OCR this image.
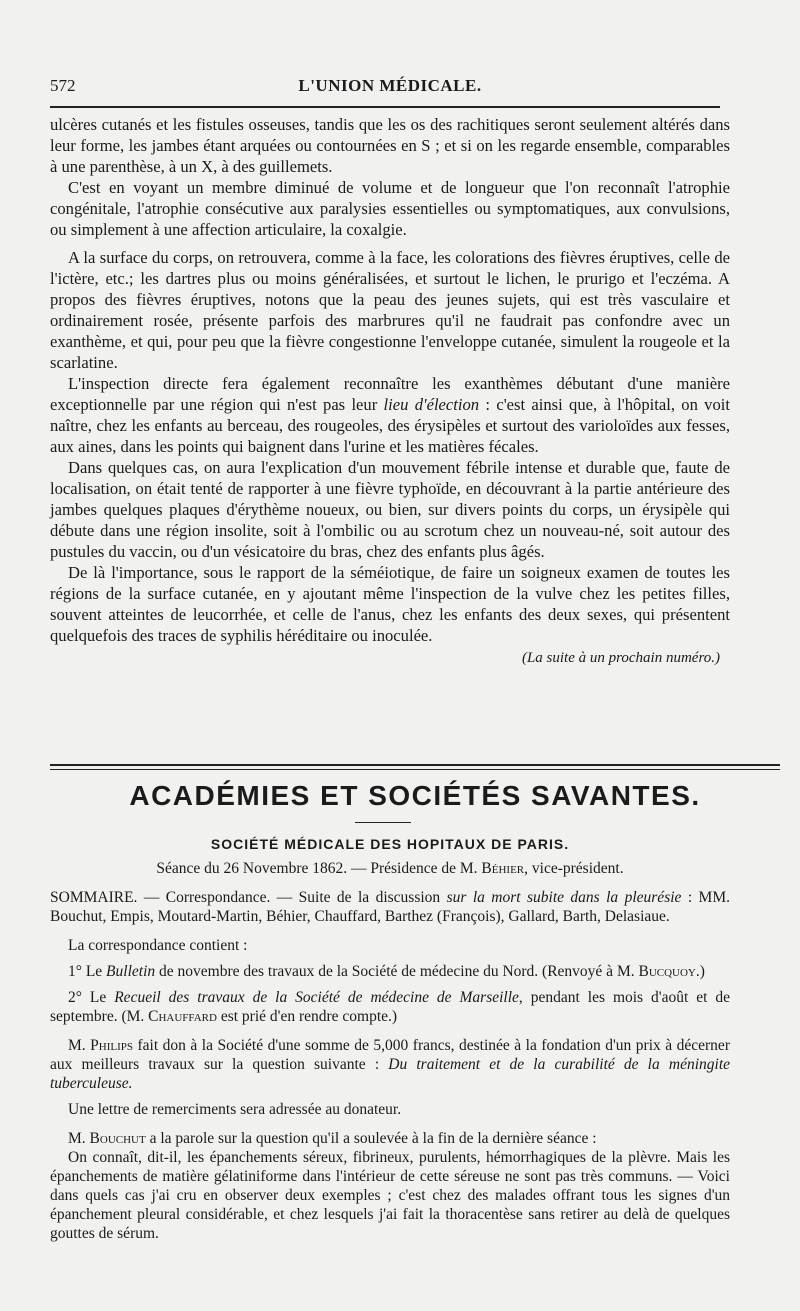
572	L'UNION MÉDICALE.

ulcères cutanés et les fistules osseuses, tandis que les os des rachitiques seront seulement altérés dans leur forme, les jambes étant arquées ou contournées en S ; et si on les regarde ensemble, comparables à une parenthèse, à un X, à des guillemets.

C'est en voyant un membre diminué de volume et de longueur que l'on reconnaît l'atrophie congénitale, l'atrophie consécutive aux paralysies essentielles ou symptomatiques, aux convulsions, ou simplement à une affection articulaire, la coxalgie.

A la surface du corps, on retrouvera, comme à la face, les colorations des fièvres éruptives, celle de l'ictère, etc.; les dartres plus ou moins généralisées, et surtout le lichen, le prurigo et l'eczéma. A propos des fièvres éruptives, notons que la peau des jeunes sujets, qui est très vasculaire et ordinairement rosée, présente parfois des marbrures qu'il ne faudrait pas confondre avec un exanthème, et qui, pour peu que la fièvre congestionne l'enveloppe cutanée, simulent la rougeole et la scarlatine.

L'inspection directe fera également reconnaître les exanthèmes débutant d'une manière exceptionnelle par une région qui n'est pas leur lieu d'élection : c'est ainsi que, à l'hôpital, on voit naître, chez les enfants au berceau, des rougeoles, des érysipèles et surtout des varioloïdes aux fesses, aux aines, dans les points qui baignent dans l'urine et les matières fécales.

Dans quelques cas, on aura l'explication d'un mouvement fébrile intense et durable que, faute de localisation, on était tenté de rapporter à une fièvre typhoïde, en découvrant à la partie antérieure des jambes quelques plaques d'érythème noueux, ou bien, sur divers points du corps, un érysipèle qui débute dans une région insolite, soit à l'ombilic ou au scrotum chez un nouveau-né, soit autour des pustules du vaccin, ou d'un vésicatoire du bras, chez des enfants plus âgés.

De là l'importance, sous le rapport de la séméiotique, de faire un soigneux examen de toutes les régions de la surface cutanée, en y ajoutant même l'inspection de la vulve chez les petites filles, souvent atteintes de leucorrhée, et celle de l'anus, chez les enfants des deux sexes, qui présentent quelquefois des traces de syphilis héréditaire ou inoculée.

(La suite à un prochain numéro.)
ACADÉMIES ET SOCIÉTÉS SAVANTES.
SOCIÉTÉ MÉDICALE DES HOPITAUX DE PARIS.
Séance du 26 Novembre 1862. — Présidence de M. Béhier, vice-président.

SOMMAIRE. — Correspondance. — Suite de la discussion sur la mort subite dans la pleurésie : MM. Bouchut, Empis, Moutard-Martin, Béhier, Chauffard, Barthez (François), Gallard, Barth, Delasiaue.

La correspondance contient :

1° Le Bulletin de novembre des travaux de la Société de médecine du Nord. (Renvoyé à M. Bucquoy.)

2° Le Recueil des travaux de la Société de médecine de Marseille, pendant les mois d'août et de septembre. (M. Chauffard est prié d'en rendre compte.)

M. Philips fait don à la Société d'une somme de 5,000 francs, destinée à la fondation d'un prix à décerner aux meilleurs travaux sur la question suivante : Du traitement et de la curabilité de la méningite tuberculeuse.

Une lettre de remerciments sera adressée au donateur.

M. Bouchut a la parole sur la question qu'il a soulevée à la fin de la dernière séance :

On connaît, dit-il, les épanchements séreux, fibrineux, purulents, hémorrhagiques de la plèvre. Mais les épanchements de matière gélatiniforme dans l'intérieur de cette séreuse ne sont pas très communs. — Voici dans quels cas j'ai cru en observer deux exemples ; c'est chez des malades offrant tous les signes d'un épanchement pleural considérable, et chez lesquels j'ai fait la thoracentèse sans retirer au delà de quelques gouttes de sérum.
